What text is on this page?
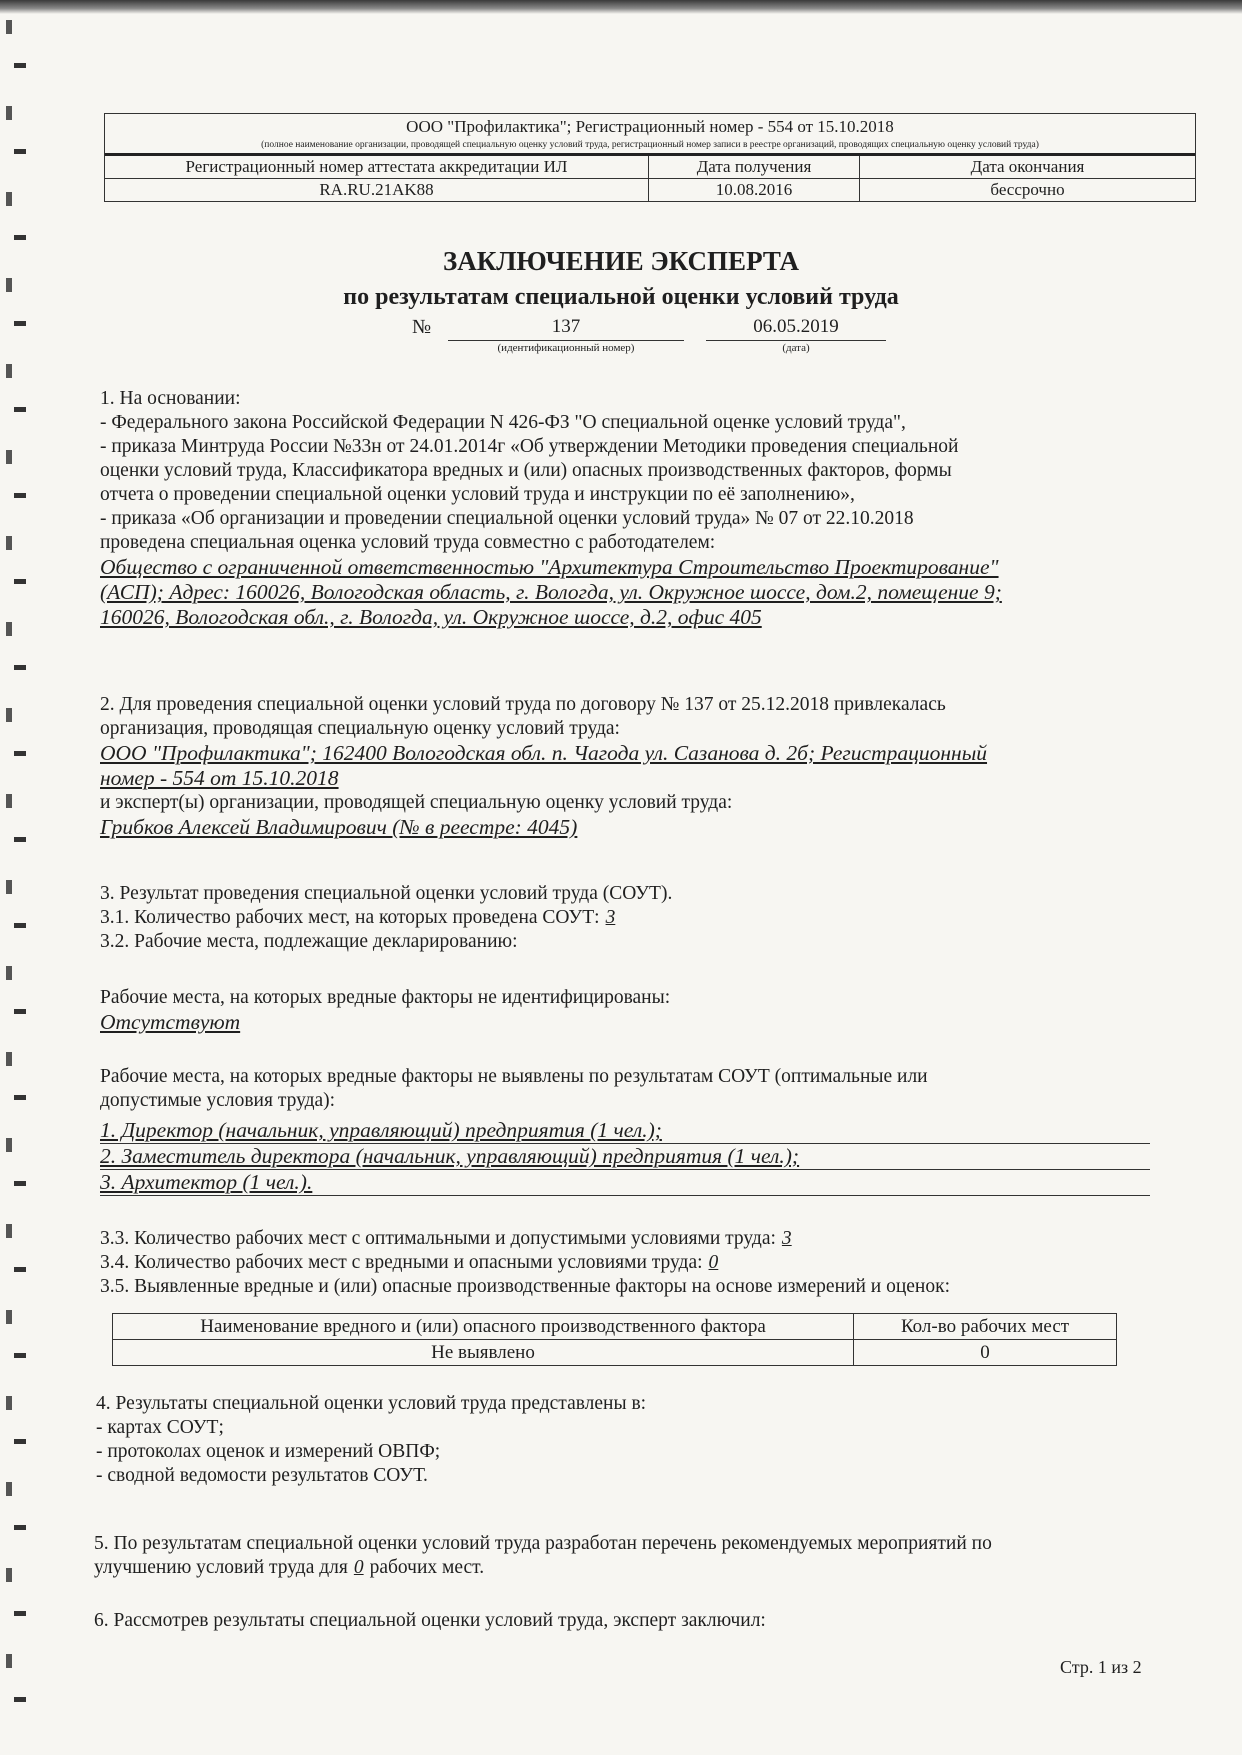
ООО "Профилактика"; Регистрационный номер - 554 от 15.10.2018
(полное наименование организации, проводящей специальную оценку условий труда, регистрационный номер записи в реестре организаций, проводящих специальную оценку условий труда)
Регистрационный номер аттестата аккредитации ИЛ	Дата получения	Дата окончания
RA.RU.21AK88	10.08.2016	бессрочно
ЗАКЛЮЧЕНИЕ ЭКСПЕРТА
по результатам специальной оценки условий труда
№	137
(идентификационный номер)
06.05.2019
(дата)
1. На основании:
- Федерального закона Российской Федерации N 426-ФЗ "О специальной оценке условий труда",
- приказа Минтруда России №33н от 24.01.2014г «Об утверждении Методики проведения специальной
оценки условий труда, Классификатора вредных и (или) опасных производственных факторов, формы
отчета о проведении специальной оценки условий труда и инструкции по её заполнению»,
- приказа «Об организации и проведении специальной оценки условий труда» № 07 от 22.10.2018
проведена специальная оценка условий труда совместно с работодателем:
Общество с ограниченной ответственностью "Архитектура Строительство Проектирование"
(АСП); Адрес: 160026, Вологодская область, г. Вологда, ул. Окружное шоссе, дом.2, помещение 9;
160026, Вологодская обл., г. Вологда, ул. Окружное шоссе, д.2, офис 405
2. Для проведения специальной оценки условий труда по договору № 137 от 25.12.2018 привлекалась
организация, проводящая специальную оценку условий труда:
ООО "Профилактика"; 162400 Вологодская обл. п. Чагода ул. Сазанова д. 2б; Регистрационный
номер - 554 от 15.10.2018
и эксперт(ы) организации, проводящей специальную оценку условий труда:
Грибков Алексей Владимирович (№ в реестре: 4045)
3. Результат проведения специальной оценки условий труда (СОУТ).
3.1. Количество рабочих мест, на которых проведена СОУТ: 3
3.2. Рабочие места, подлежащие декларированию:
Рабочие места, на которых вредные факторы не идентифицированы:
Отсутствуют
Рабочие места, на которых вредные факторы не выявлены по результатам СОУТ (оптимальные или
допустимые условия труда):
1. Директор (начальник, управляющий) предприятия (1 чел.);
2. Заместитель директора (начальник, управляющий) предприятия (1 чел.);
3. Архитектор (1 чел.).
3.3. Количество рабочих мест с оптимальными и допустимыми условиями труда: 3
3.4. Количество рабочих мест с вредными и опасными условиями труда: 0
3.5. Выявленные вредные и (или) опасные производственные факторы на основе измерений и оценок:
Наименование вредного и (или) опасного производственного фактора	Кол-во рабочих мест
Не выявлено	0
4. Результаты специальной оценки условий труда представлены в:
- картах СОУТ;
- протоколах оценок и измерений ОВПФ;
- сводной ведомости результатов СОУТ.
5. По результатам специальной оценки условий труда разработан перечень рекомендуемых мероприятий по
улучшению условий труда для 0 рабочих мест.
6. Рассмотрев результаты специальной оценки условий труда, эксперт заключил:
Стр. 1 из 2
